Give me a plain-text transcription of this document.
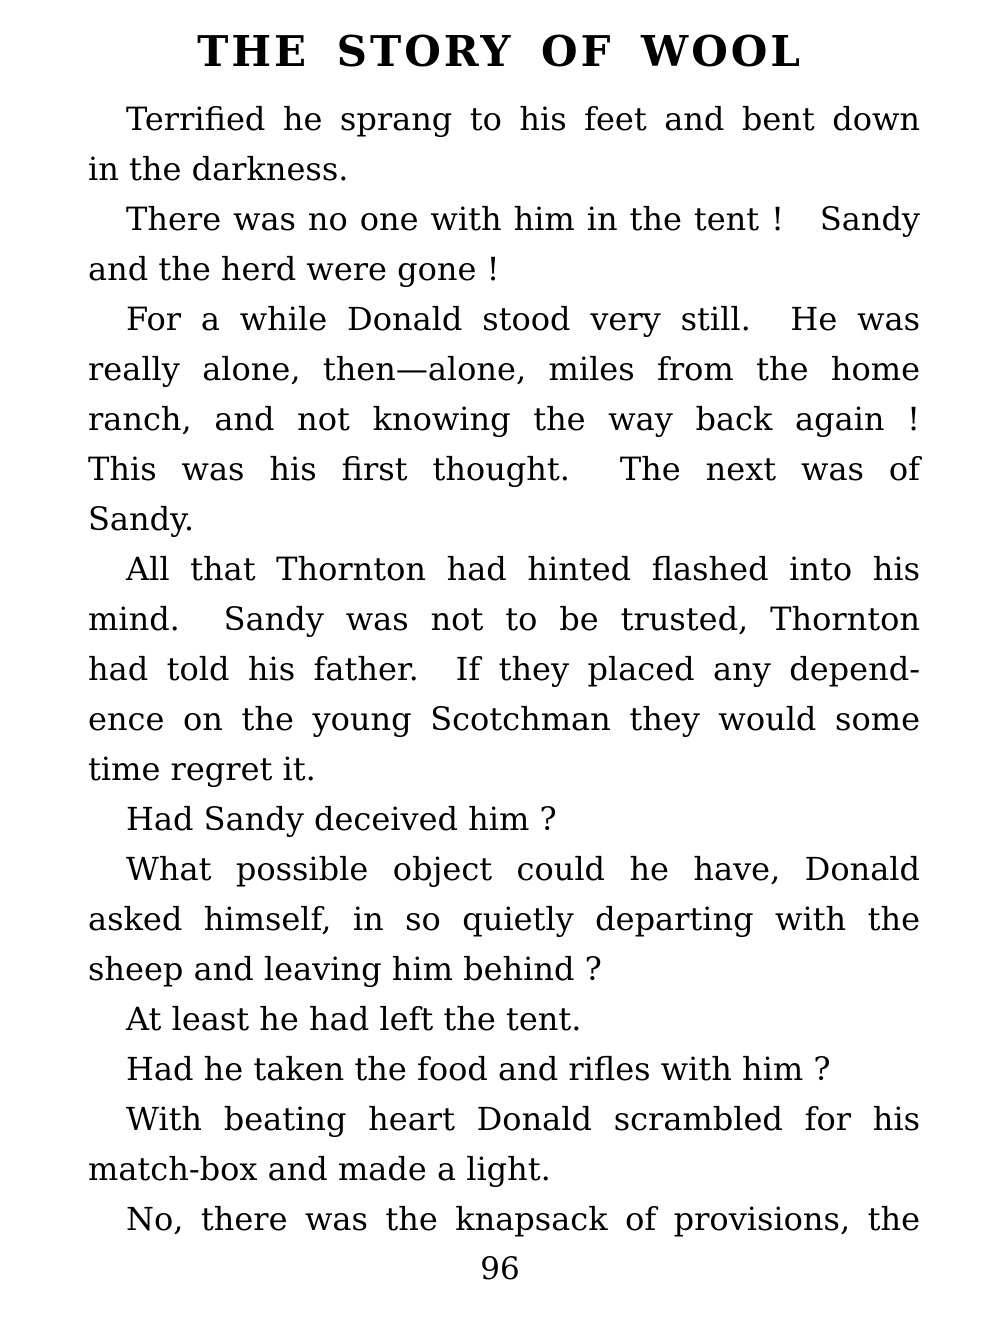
THE STORY OF WOOL
Terrified he sprang to his feet and bent down
in the darkness.
There was no one with him in the tent !   Sandy
and the herd were gone !
For a while Donald stood very still.  He was
really alone, then—alone, miles from the home
ranch, and not knowing the way back again !
This was his first thought.  The next was of
Sandy.
All that Thornton had hinted flashed into his
mind.  Sandy was not to be trusted, Thornton
had told his father.  If they placed any depend-
ence on the young Scotchman they would some
time regret it.
Had Sandy deceived him ?
What possible object could he have, Donald
asked himself, in so quietly departing with the
sheep and leaving him behind ?
At least he had left the tent.
Had he taken the food and rifles with him ?
With beating heart Donald scrambled for his
match-box and made a light.
No, there was the knapsack of provisions, the
96
